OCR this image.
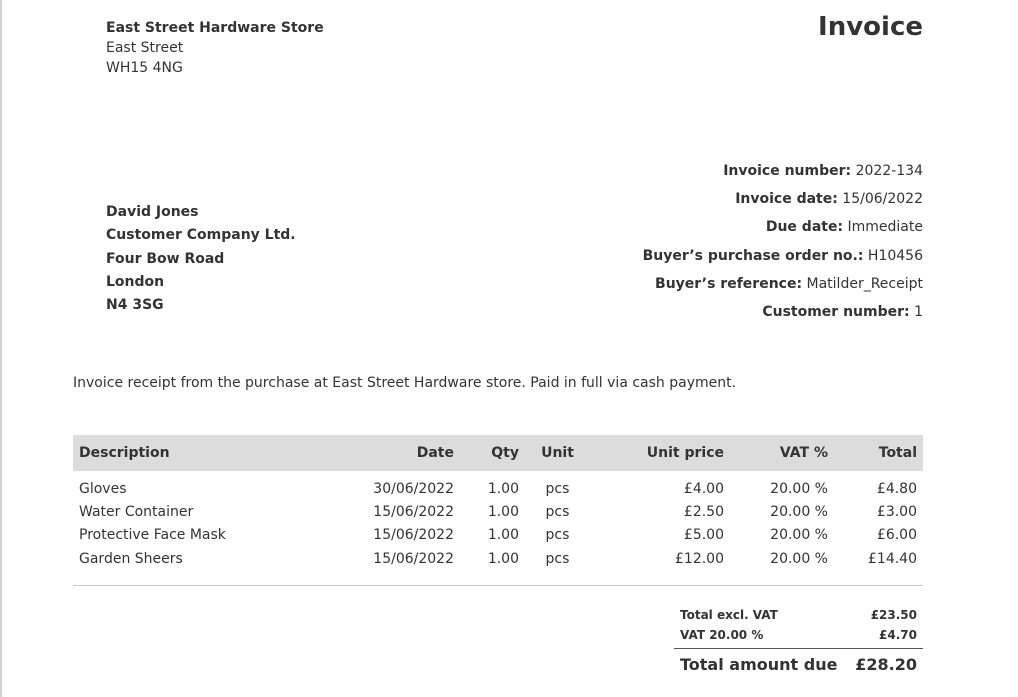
East Street Hardware Store
East Street
WH15 4NG
Invoice
David Jones
Customer Company Ltd.
Four Bow Road
London
N4 3SG
Invoice number: 2022-134
Invoice date: 15/06/2022
Due date: Immediate
Buyer’s purchase order no.: H10456
Buyer’s reference: Matilder_Receipt
Customer number: 1
Invoice receipt from the purchase at East Street Hardware store. Paid in full via cash payment.
Description	Date	Qty	Unit	Unit price	VAT %	Total
Gloves	30/06/2022	1.00	pcs	£4.00	20.00 %	£4.80
Water Container	15/06/2022	1.00	pcs	£2.50	20.00 %	£3.00
Protective Face Mask	15/06/2022	1.00	pcs	£5.00	20.00 %	£6.00
Garden Sheers	15/06/2022	1.00	pcs	£12.00	20.00 %	£14.40
Total excl. VAT	£23.50
VAT 20.00 %	£4.70
Total amount due £28.20
